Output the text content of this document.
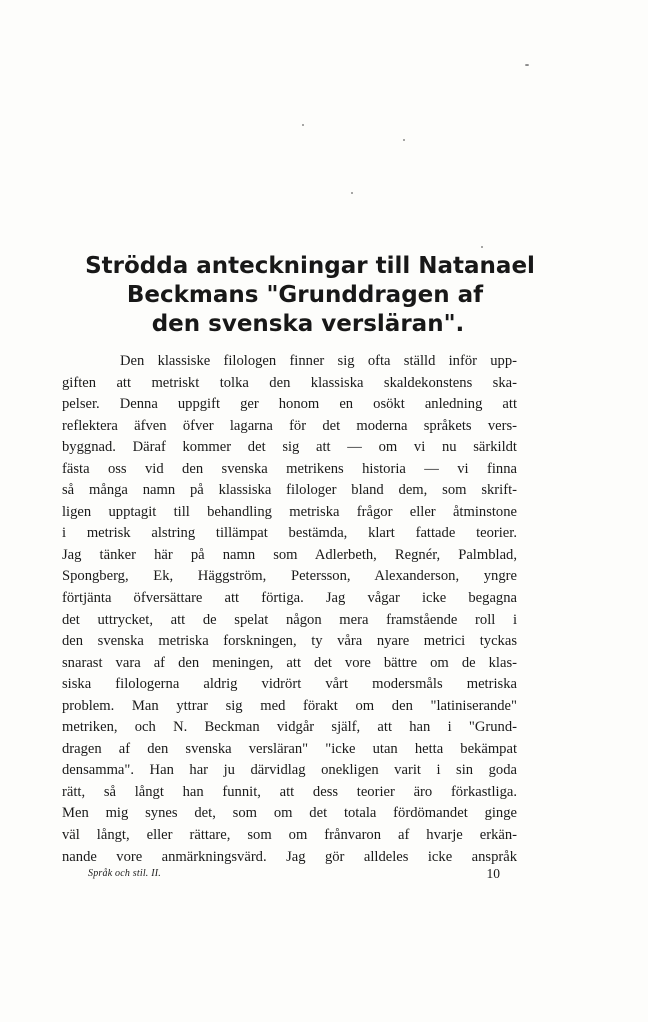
Strödda anteckningar till Natanael
Beckmans "Grunddragen af
den svenska versläran".
Den klassiske filologen finner sig ofta ställd inför upp-
giften att metriskt tolka den klassiska skaldekonstens ska-
pelser. Denna uppgift ger honom en osökt anledning att
reflektera äfven öfver lagarna för det moderna språkets vers-
byggnad. Däraf kommer det sig att — om vi nu särkildt
fästa oss vid den svenska metrikens historia — vi finna
så många namn på klassiska filologer bland dem, som skrift-
ligen upptagit till behandling metriska frågor eller åtminstone
i metrisk alstring tillämpat bestämda, klart fattade teorier.
Jag tänker här på namn som Adlerbeth, Regnér, Palmblad,
Spongberg, Ek, Häggström, Petersson, Alexanderson, yngre
förtjänta öfversättare att förtiga. Jag vågar icke begagna
det uttrycket, att de spelat någon mera framstående roll i
den svenska metriska forskningen, ty våra nyare metrici tyckas
snarast vara af den meningen, att det vore bättre om de klas-
siska filologerna aldrig vidrört vårt modersmåls metriska
problem. Man yttrar sig med förakt om den "latiniserande"
metriken, och N. Beckman vidgår själf, att han i "Grund-
dragen af den svenska versläran" "icke utan hetta bekämpat
densamma". Han har ju därvidlag onekligen varit i sin goda
rätt, så långt han funnit, att dess teorier äro förkastliga.
Men mig synes det, som om det totala fördömandet ginge
väl långt, eller rättare, som om frånvaron af hvarje erkän-
nande vore anmärkningsvärd. Jag gör alldeles icke anspråk
Språk och stil. II.	10
